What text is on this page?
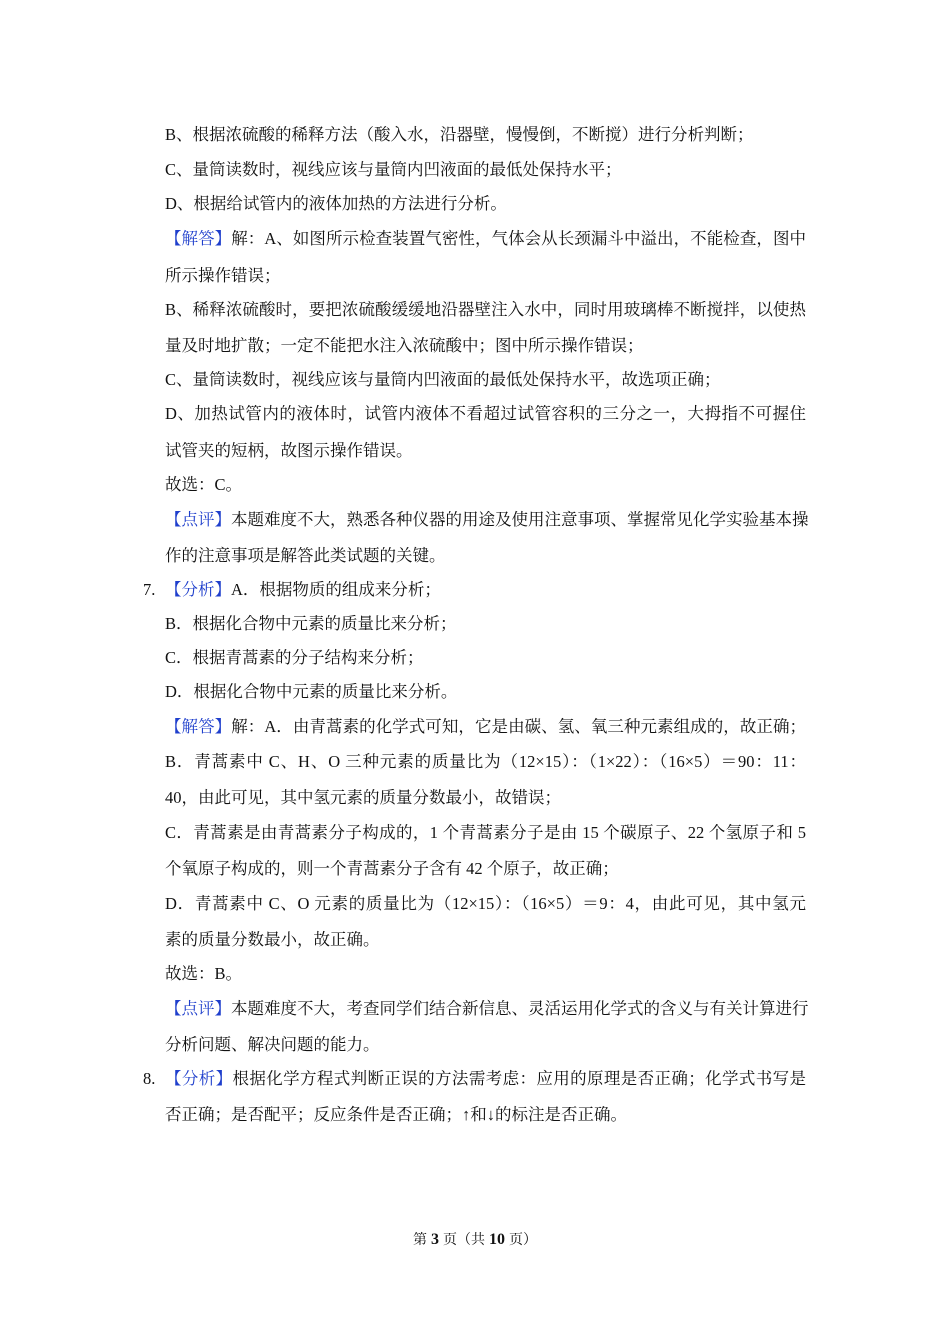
B、根据浓硫酸的稀释方法（酸入水，沿器壁，慢慢倒，不断搅）进行分析判断；
C、量筒读数时，视线应该与量筒内凹液面的最低处保持水平；
D、根据给试管内的液体加热的方法进行分析。
【解答】解：A、如图所示检查装置气密性，气体会从长颈漏斗中溢出，不能检查，图中
所示操作错误；
B、稀释浓硫酸时，要把浓硫酸缓缓地沿器壁注入水中，同时用玻璃棒不断搅拌，以使热
量及时地扩散；一定不能把水注入浓硫酸中；图中所示操作错误；
C、量筒读数时，视线应该与量筒内凹液面的最低处保持水平，故选项正确；
D、加热试管内的液体时，试管内液体不看超过试管容积的三分之一，大拇指不可握住
试管夹的短柄，故图示操作错误。
故选：C。
【点评】本题难度不大，熟悉各种仪器的用途及使用注意事项、掌握常见化学实验基本操
作的注意事项是解答此类试题的关键。
7. 【分析】A．根据物质的组成来分析；
B．根据化合物中元素的质量比来分析；
C．根据青蒿素的分子结构来分析；
D．根据化合物中元素的质量比来分析。
【解答】解：A．由青蒿素的化学式可知，它是由碳、氢、氧三种元素组成的，故正确；
B．青蒿素中 C、H、O 三种元素的质量比为（12×15）：（1×22）：（16×5）＝90：11：
40，由此可见，其中氢元素的质量分数最小，故错误；
C．青蒿素是由青蒿素分子构成的，1 个青蒿素分子是由 15 个碳原子、22 个氢原子和 5
个氧原子构成的，则一个青蒿素分子含有 42 个原子，故正确；
D．青蒿素中 C、O 元素的质量比为（12×15）：（16×5）＝9：4，由此可见，其中氢元
素的质量分数最小，故正确。
故选：B。
【点评】本题难度不大，考查同学们结合新信息、灵活运用化学式的含义与有关计算进行
分析问题、解决问题的能力。
8. 【分析】根据化学方程式判断正误的方法需考虑：应用的原理是否正确；化学式书写是
否正确；是否配平；反应条件是否正确；↑和↓的标注是否正确。
第 3 页（共 10 页）
